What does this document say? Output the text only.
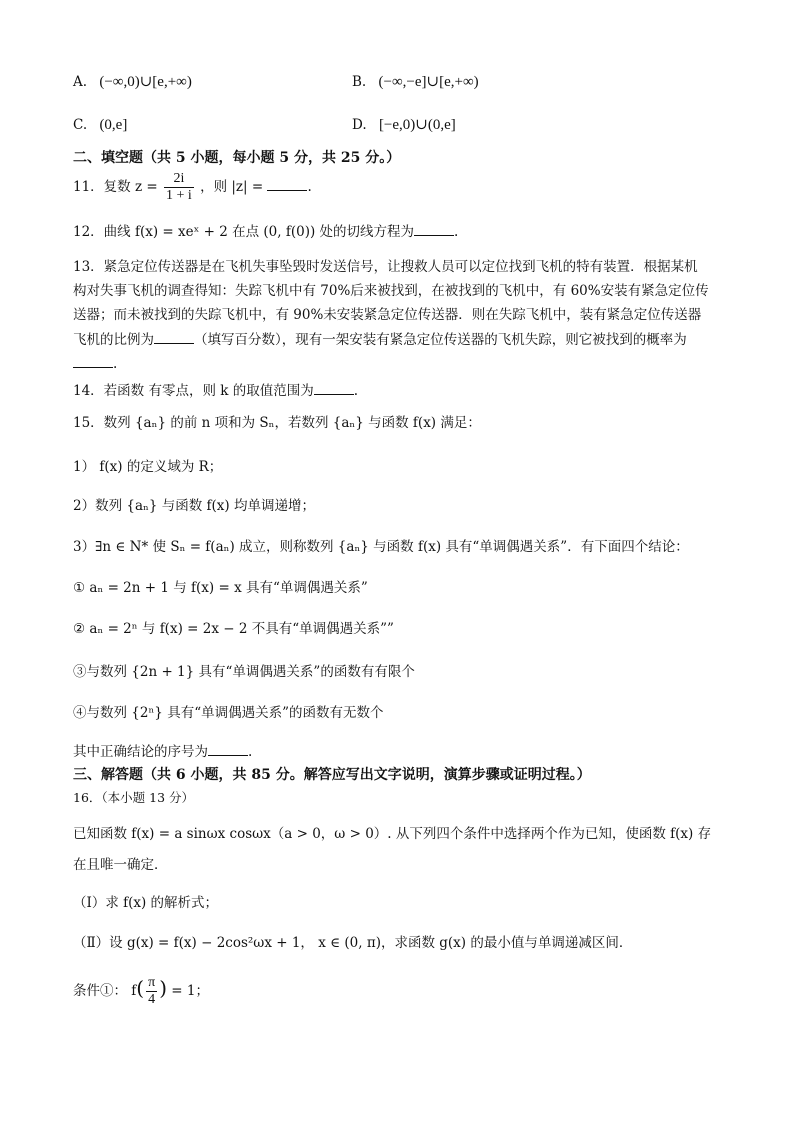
A. (−∞,0)∪[e,+∞)	B. (−∞,−e]∪[e,+∞)
C. (0,e]	D. [−e,0)∪(0,e]
二、填空题（共 5 小题，每小题 5 分，共 25 分。）
11．复数 $z = \frac{2i}{1 + i}$ ，则 |z| =	.
12．曲线 f(x) = xeˣ + 2 在点 (0, f(0)) 处的切线方程为	.
13．紧急定位传送器是在飞机失事坠毁时发送信号，让搜救人员可以定位找到飞机的特有装置．根据某机
构对失事飞机的调查得知：失踪飞机中有 70%后来被找到，在被找到的飞机中，有 60%安装有紧急定位传
送器；而未被找到的失踪飞机中，有 90%未安装紧急定位传送器．则在失踪飞机中，装有紧急定位传送器
飞机的比例为	（填写百分数），现有一架安装有紧急定位传送器的飞机失踪，则它被找到的概率为
.
14．若函数 有零点，则 k 的取值范围为	.
15．数列 {aₙ} 的前 n 项和为 Sₙ，若数列 {aₙ} 与函数 f(x) 满足：
1） f(x) 的定义域为 R；
2）数列 {aₙ} 与函数 f(x) 均单调递增；
3）∃n ∈ N* 使 Sₙ = f(aₙ) 成立，则称数列 {aₙ} 与函数 f(x) 具有“单调偶遇关系”．有下面四个结论：
① aₙ = 2n + 1 与 f(x) = x 具有“单调偶遇关系”
② aₙ = 2ⁿ 与 f(x) = 2x − 2 不具有“单调偶遇关系””
③与数列 {2n + 1} 具有“单调偶遇关系”的函数有有限个
④与数列 {2ⁿ} 具有“单调偶遇关系”的函数有无数个
其中正确结论的序号为	.
三、解答题（共 6 小题，共 85 分。解答应写出文字说明，演算步骤或证明过程。）
16．（本小题 13 分）
已知函数 f(x) = a sinωx cosωx（a > 0，ω > 0）. 从下列四个条件中选择两个作为已知，使函数 f(x) 存
在且唯一确定．
（Ⅰ）求 f(x) 的解析式；
（Ⅱ）设 g(x) = f(x) − 2cos²ωx + 1， x ∈ (0, π)，求函数 g(x) 的最小值与单调递减区间．
条件①： $f( \frac{\pi}{4}$ ) = 1；
